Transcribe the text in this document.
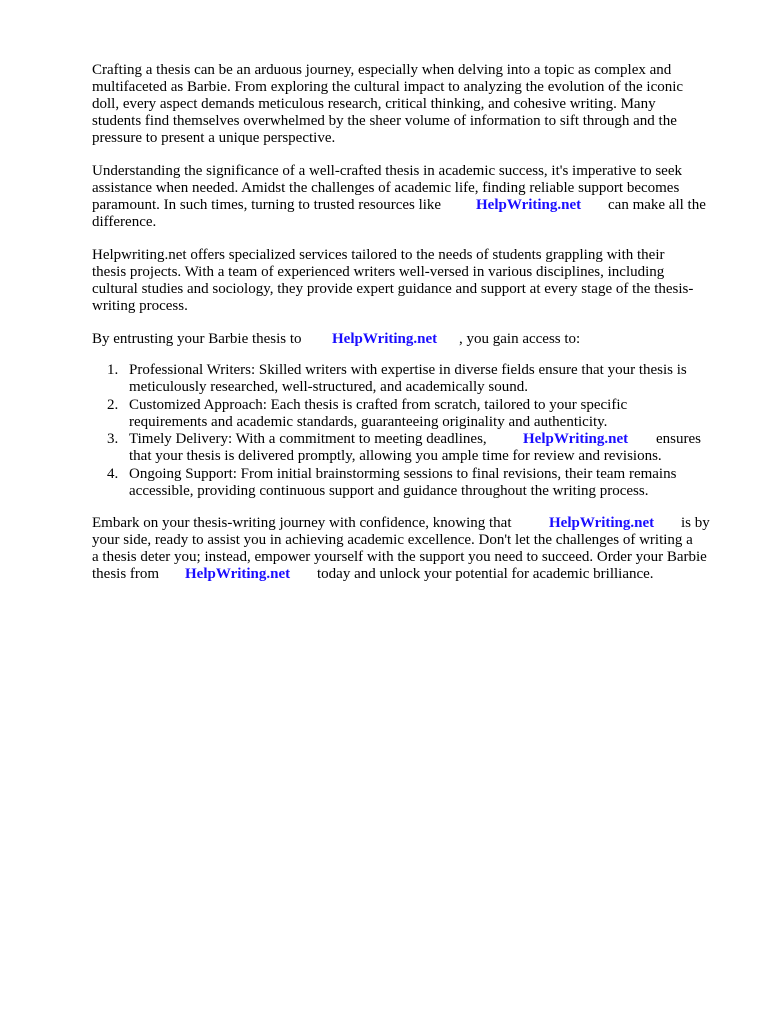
Crafting a thesis can be an arduous journey, especially when delving into a topic as complex and
multifaceted as Barbie. From exploring the cultural impact to analyzing the evolution of the iconic
doll, every aspect demands meticulous research, critical thinking, and cohesive writing. Many
students find themselves overwhelmed by the sheer volume of information to sift through and the
pressure to present a unique perspective.
Understanding the significance of a well-crafted thesis in academic success, it's imperative to seek
assistance when needed. Amidst the challenges of academic life, finding reliable support becomes
paramount. In such times, turning to trusted resources like HelpWriting.net can make all the
difference.
Helpwriting.net offers specialized services tailored to the needs of students grappling with their
thesis projects. With a team of experienced writers well-versed in various disciplines, including
cultural studies and sociology, they provide expert guidance and support at every stage of the thesis-
writing process.
By entrusting your Barbie thesis to HelpWriting.net , you gain access to:
1. Professional Writers: Skilled writers with expertise in diverse fields ensure that your thesis is
meticulously researched, well-structured, and academically sound.
2. Customized Approach: Each thesis is crafted from scratch, tailored to your specific
requirements and academic standards, guaranteeing originality and authenticity.
3. Timely Delivery: With a commitment to meeting deadlines, HelpWriting.net ensures
that your thesis is delivered promptly, allowing you ample time for review and revisions.
4. Ongoing Support: From initial brainstorming sessions to final revisions, their team remains
accessible, providing continuous support and guidance throughout the writing process.
Embark on your thesis-writing journey with confidence, knowing that	HelpWriting.net is by
your side, ready to assist you in achieving academic excellence. Don't let the challenges of writing a
a thesis deter you; instead, empower yourself with the support you need to succeed. Order your Barbie
thesis from HelpWriting.net today and unlock your potential for academic brilliance.
